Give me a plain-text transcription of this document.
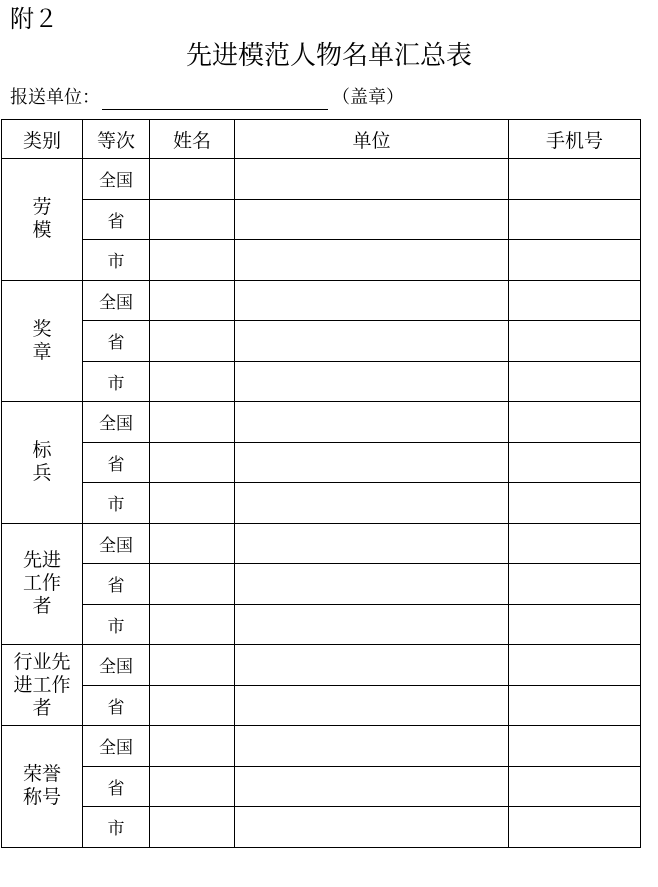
附２
先进模范人物名单汇总表
报送单位：	（盖章）
类别	等次	姓名	单位	手机号
劳模	全国			
	省			
	市			
奖章	全国			
	省			
	市			
标兵	全国			
	省			
	市			
先进工作者	全国			
	省			
	市			
行业先进工作者	全国			
	省			
荣誉称号	全国			
	省			
	市			
